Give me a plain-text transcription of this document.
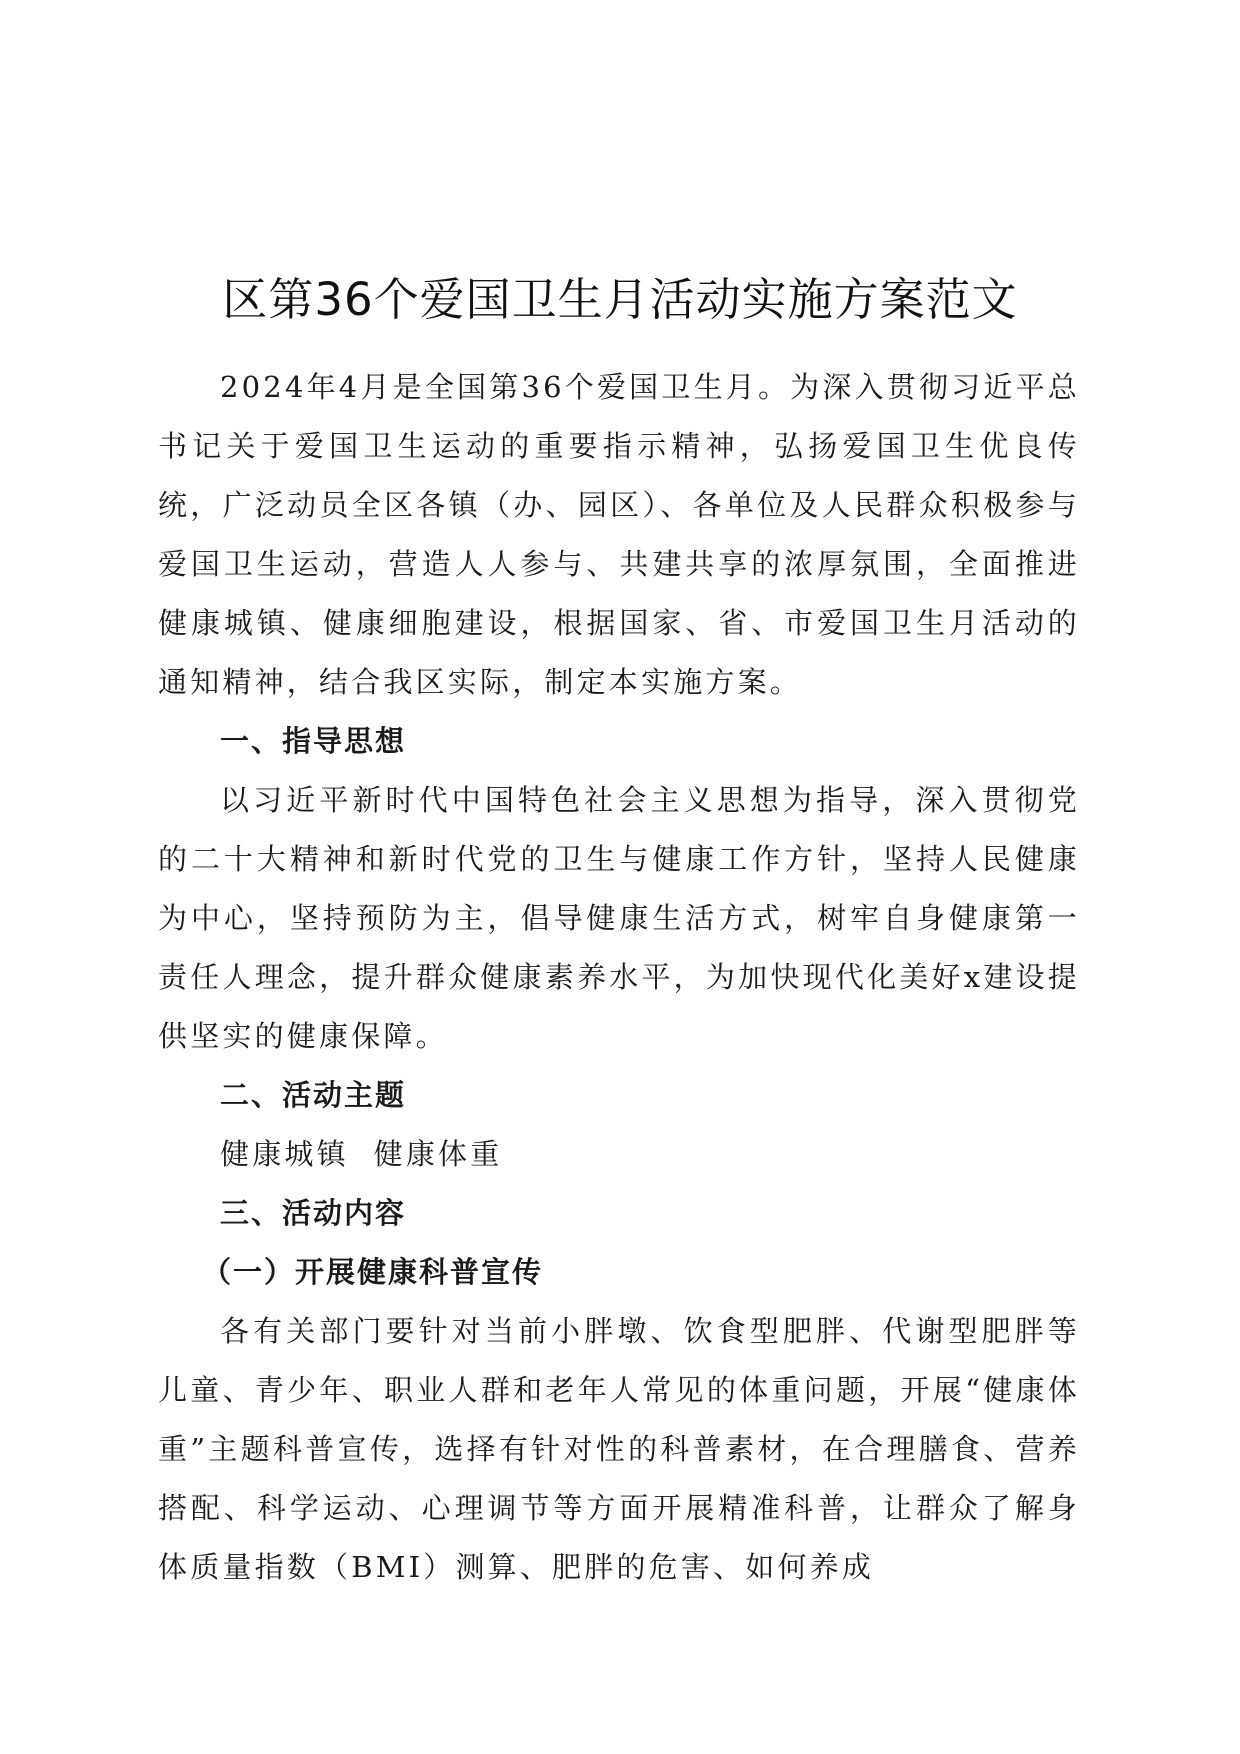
区第36个爱国卫生月活动实施方案范文

2024年4月是全国第36个爱国卫生月。为深入贯彻习近平总书记关于爱国卫生运动的重要指示精神，弘扬爱国卫生优良传统，广泛动员全区各镇（办、园区）、各单位及人民群众积极参与爱国卫生运动，营造人人参与、共建共享的浓厚氛围，全面推进健康城镇、健康细胞建设，根据国家、省、市爱国卫生月活动的通知精神，结合我区实际，制定本实施方案。

一、指导思想

以习近平新时代中国特色社会主义思想为指导，深入贯彻党的二十大精神和新时代党的卫生与健康工作方针，坚持人民健康为中心，坚持预防为主，倡导健康生活方式，树牢自身健康第一责任人理念，提升群众健康素养水平，为加快现代化美好x建设提供坚实的健康保障。

二、活动主题

健康城镇  健康体重

三、活动内容

（一）开展健康科普宣传

各有关部门要针对当前小胖墩、饮食型肥胖、代谢型肥胖等儿童、青少年、职业人群和老年人常见的体重问题，开展“健康体重”主题科普宣传，选择有针对性的科普素材，在合理膳食、营养搭配、科学运动、心理调节等方面开展精准科普，让群众了解身体质量指数（BMI）测算、肥胖的危害、如何养成
